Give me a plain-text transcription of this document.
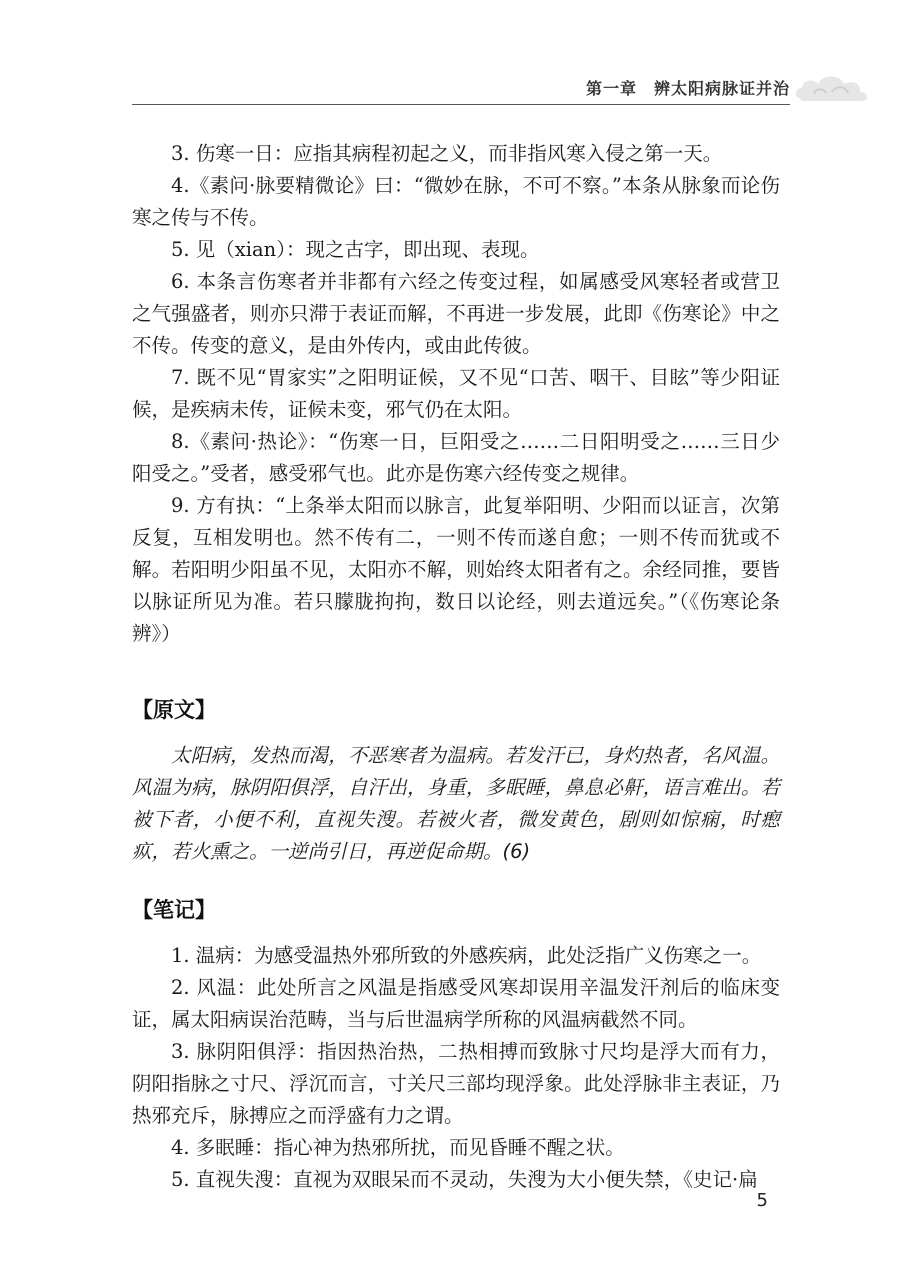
第一章　辨太阳病脉证并治

3. 伤寒一日：应指其病程初起之义，而非指风寒入侵之第一天。

4.《素问·脉要精微论》曰：“微妙在脉，不可不察。”本条从脉象而论伤寒之传与不传。

5. 见（xian）：现之古字，即出现、表现。

6. 本条言伤寒者并非都有六经之传变过程，如属感受风寒轻者或营卫之气强盛者，则亦只滞于表证而解，不再进一步发展，此即《伤寒论》中之不传。传变的意义，是由外传内，或由此传彼。

7. 既不见“胃家实”之阳明证候，又不见“口苦、咽干、目眩”等少阳证候，是疾病未传，证候未变，邪气仍在太阳。

8.《素问·热论》：“伤寒一日，巨阳受之……二日阳明受之……三日少阳受之。”受者，感受邪气也。此亦是伤寒六经传变之规律。

9. 方有执：“上条举太阳而以脉言，此复举阳明、少阳而以证言，次第反复，互相发明也。然不传有二，一则不传而遂自愈；一则不传而犹或不解。若阳明少阳虽不见，太阳亦不解，则始终太阳者有之。余经同推，要皆以脉证所见为准。若只朦胧拘拘，数日以论经，则去道远矣。”（《伤寒论条辨》）

【原文】

太阳病，发热而渴，不恶寒者为温病。若发汗已，身灼热者，名风温。风温为病，脉阴阳俱浮，自汗出，身重，多眠睡，鼻息必鼾，语言难出。若被下者，小便不利，直视失溲。若被火者，微发黄色，剧则如惊痫，时瘛疭，若火熏之。一逆尚引日，再逆促命期。(6)

【笔记】

1. 温病：为感受温热外邪所致的外感疾病，此处泛指广义伤寒之一。

2. 风温：此处所言之风温是指感受风寒却误用辛温发汗剂后的临床变证，属太阳病误治范畴，当与后世温病学所称的风温病截然不同。

3. 脉阴阳俱浮：指因热治热，二热相搏而致脉寸尺均是浮大而有力，阴阳指脉之寸尺、浮沉而言，寸关尺三部均现浮象。此处浮脉非主表证，乃热邪充斥，脉搏应之而浮盛有力之谓。

4. 多眠睡：指心神为热邪所扰，而见昏睡不醒之状。

5. 直视失溲：直视为双眼呆而不灵动，失溲为大小便失禁，《史记·扁

5
